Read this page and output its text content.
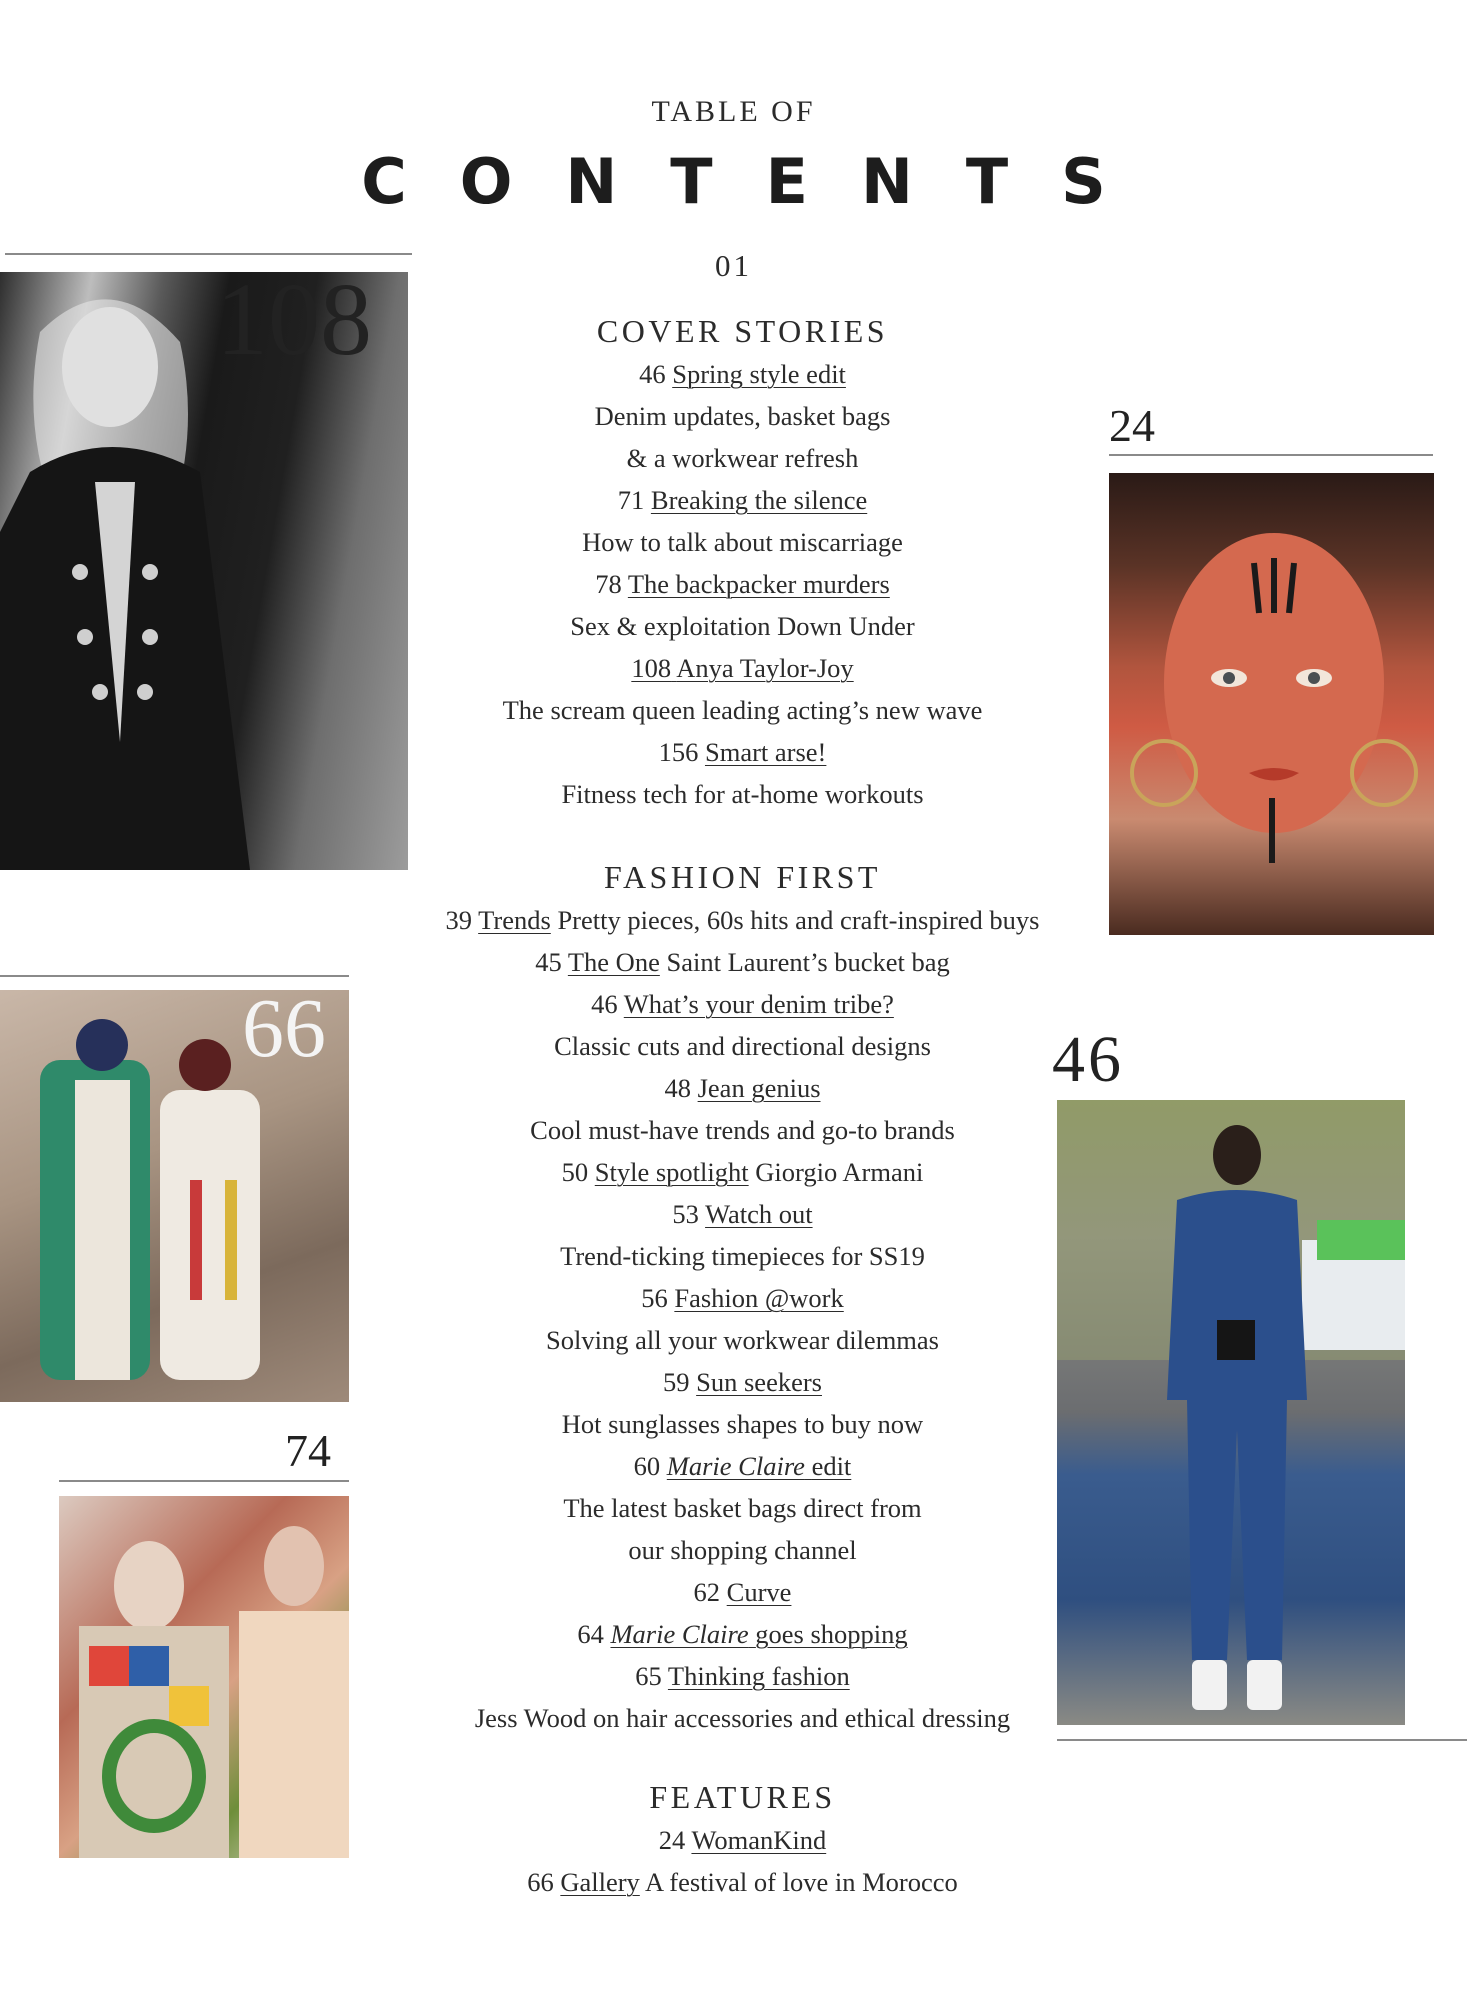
TABLE OF
CONTENTS
01
108
24
66
74
46
COVER STORIES
46 Spring style edit
Denim updates, basket bags
& a workwear refresh
71 Breaking the silence
How to talk about miscarriage
78 The backpacker murders
Sex & exploitation Down Under
108 Anya Taylor-Joy
The scream queen leading acting’s new wave
156 Smart arse!
Fitness tech for at-home workouts
FASHION FIRST
39 Trends Pretty pieces, 60s hits and craft-inspired buys
45 The One Saint Laurent’s bucket bag
46 What’s your denim tribe?
Classic cuts and directional designs
48 Jean genius
Cool must-have trends and go-to brands
50 Style spotlight Giorgio Armani
53 Watch out
Trend-ticking timepieces for SS19
56 Fashion @work
Solving all your workwear dilemmas
59 Sun seekers
Hot sunglasses shapes to buy now
60 Marie Claire edit
The latest basket bags direct from
our shopping channel
62 Curve
64 Marie Claire goes shopping
65 Thinking fashion
Jess Wood on hair accessories and ethical dressing
FEATURES
24 WomanKind
66 Gallery A festival of love in Morocco
